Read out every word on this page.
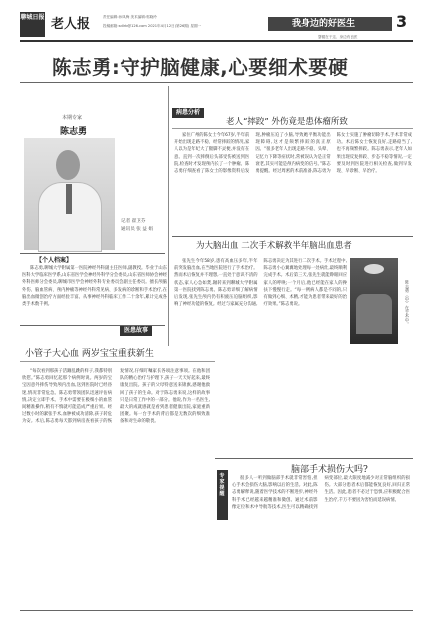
聊城日报 老人报	责任编辑:孙凤梅 美术编辑:郭晓玲
投稿邮箱:sdlrb@126.com 2021年4月12日(第26期) 星期一	我身边的好医生	3
婴健在于这、身边有良医
陈志勇:守护脑健康,心要细术要硬
本期专家
陈志勇
记者 翟卫芬
通讯员 张 益 娟
【个人档案】
陈志勇,聊城大学附属第一医院神经外科副主任医师,副教授。毕业于山东医科大学临床医学系,山东省医学会神经外科学分会委员,山东省医师协会神经外科医师分会委员,聊城市医学会神经外科专业委员会副主任委员。擅长颅脑外伤、脑血管病、颅内肿瘤等神经外科常见病、多发病的诊断和手术治疗,在脑出血微创治疗方面经验丰富。从事神经外科临床工作二十余年,累计完成各类手术数千例。
医患故事
小管子大心血 两岁宝宝重获新生
“每次看到那孩子活蹦乱跳的样子,我都特别欣慰。”陈志勇回忆起那个病例时说。两岁的宝宝因意外摔伤导致颅内出血,送到医院时已经昏迷,情况非常危急。陈志勇带领团队迅速评估病情,决定立即手术。手术中需要在极细小的血管间精准操作,稍有不慎就可能造成严重后果。经过数小时的紧张手术,血肿被成功清除,孩子转危为安。术后,陈志勇每天都到病房查看孩子的恢复情况,仔细叮嘱家长各项注意事项。在他和团队的精心治疗与护理下,孩子一天天好起来,最终康复出院。孩子的父母特意送来锦旗,感谢他救回了孩子的生命。对于陈志勇来说,这样的故事只是日常工作中的一部分。他说,作为一名医生,最大的成就感就是看到患者健康出院,家庭重新团聚。每一台手术的背后都是无数次的细致准备和对生命的敬畏。
病患分析
老人“摔跤” 外伤竟是患体瘤所致
家住广州的陈女士今年67岁,半年前开始出现走路不稳、经常摔跤的情况,家人以为是年纪大了腿脚不灵便,并没有在意。直到一次摔倒后头部受伤被送到医院,检查时才发现颅内长了一个肿瘤。陈志勇仔细查看了陈女士的影像资料后发现,肿瘤压迫了小脑,导致她平衡功能出现障碍,这才是频繁摔跤的真正原因。“很多老年人出现走路不稳、头晕、记忆力下降等症状时,常被误认为是正常衰老,其实可能是颅内病变的信号。”陈志勇提醒。经过周密的术前准备,陈志勇为陈女士实施了肿瘤切除手术,手术非常成功。术后陈女士恢复良好,走路稳当了,也不再频繁摔跤。陈志勇表示,老年人如果出现反复摔跤、步态不稳等情况,一定要及时到医院进行相关检查,做到早发现、早诊断、早治疗。
为大脑出血 二次手术解救半年脑出血患者
张先生今年58岁,患有高血压多年,半年前突发脑出血,在当地医院进行了手术治疗。然而术后恢复并不理想,一直处于意识不清的状态,家人心急如焚,辗转来到聊城大学附属第一医院找到陈志勇。陈志勇详细了解病情后发现,张先生颅内仍有积液压迫脑组织,影响了神经功能的恢复。经过与家属充分沟通,陈志勇决定为其进行二次手术。手术过程中,陈志勇小心翼翼地处理每一处病灶,最终顺利完成手术。术后第三天,张先生就能睁眼回应家人的呼唤;一个月后,他已经能在家人的搀扶下慢慢行走。“每一例病人都是不同的,只有做到心细、术精,才能为患者带来最好的治疗效果。”陈志勇说。	陈志勇（中）在手术中。
专家提醒
脑部手术损伤大吗?
很多人一听到做脑部手术就非常害怕,担心手术会损伤大脑,影响以后的生活。对此,陈志勇解释说,随着医学技术的不断进步,神经外科手术已经越来越精准和微创。通过术前影像定位和术中导航等技术,医生可以精确找到病变部位,最大限度地减少对正常脑组织的损伤。大部分患者术后都能恢复良好,回归正常生活。因此,患者不必过于恐惧,应积极配合医生治疗,千万不要因为害怕而延误病情。
